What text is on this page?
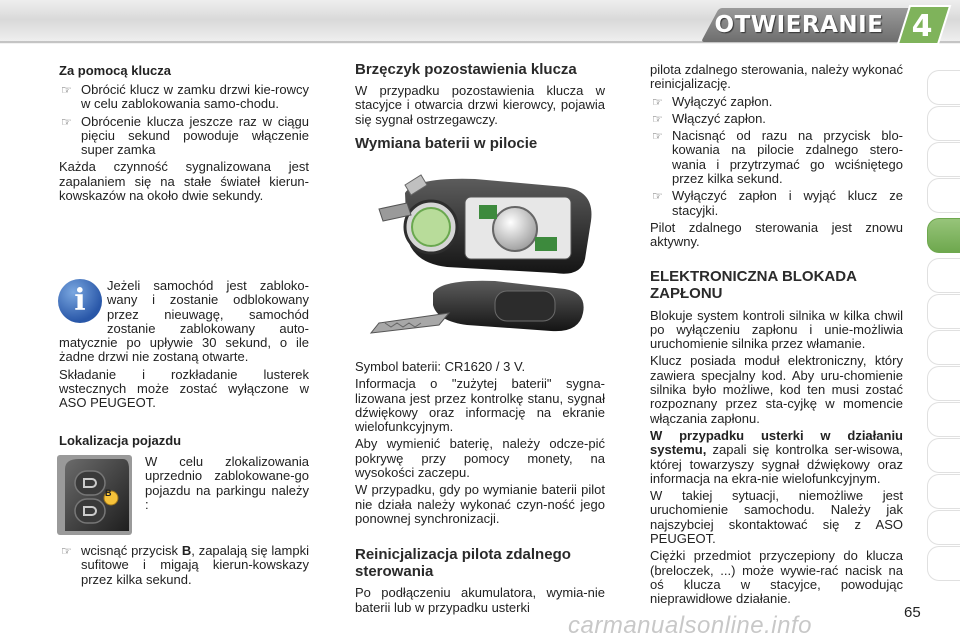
OTWIERANIE 4

Za pomocą klucza

☞ Obrócić klucz w zamku drzwi kie-rowcy w celu zablokowania samo-chodu.

☞ Obrócenie klucza jeszcze raz w ciągu pięciu sekund powoduje włączenie super zamka

Każda czynność sygnalizowana jest zapalaniem się na stałe świateł kierun-kowskazów na około dwie sekundy.

i	Jeżeli samochód jest zabloko-wany i zostanie odblokowany przez nieuwagę, samochód zostanie zablokowany auto-matycznie po upływie 30 sekund, o ile żadne drzwi nie zostaną otwarte.

Składanie i rozkładanie lusterek wstecznych może zostać wyłączone w ASO PEUGEOT.

Lokalizacja pojazdu

B

W celu zlokalizowania uprzednio zablokowane-go pojazdu na parkingu należy :

☞ wcisnąć przycisk B, zapalają się lampki sufitowe i migają kierun-kowskazy przez kilka sekund.

Brzęczyk pozostawienia klucza

W przypadku pozostawienia klucza w stacyjce i otwarcia drzwi kierowcy, pojawia się sygnał ostrzegawczy.

Wymiana baterii w pilocie

Symbol baterii: CR1620 / 3 V.

Informacja o "zużytej baterii" sygna-lizowana jest przez kontrolkę stanu, sygnał dźwiękowy oraz informację na ekranie wielofunkcyjnym.

Aby wymienić baterię, należy odcze-pić pokrywę przy pomocy monety, na wysokości zaczepu.

W przypadku, gdy po wymianie baterii pilot nie działa należy wykonać czyn-ność jego ponownej synchronizacji.

Reinicjalizacja pilota zdalnego sterowania

Po podłączeniu akumulatora, wymia-nie baterii lub w przypadku usterki

pilota zdalnego sterowania, należy wykonać reinicjalizację.

☞ Wyłączyć zapłon.

☞ Włączyć zapłon.

☞ Nacisnąć od razu na przycisk blo-kowania na pilocie zdalnego stero-wania i przytrzymać go wciśniętego przez kilka sekund.

☞ Wyłączyć zapłon i wyjąć klucz ze stacyjki.

Pilot zdalnego sterowania jest znowu aktywny.

ELEKTRONICZNA BLOKADA ZAPŁONU

Blokuje system kontroli silnika w kilka chwil po wyłączeniu zapłonu i unie-możliwia uruchomienie silnika przez włamanie.

Klucz posiada moduł elektroniczny, który zawiera specjalny kod. Aby uru-chomienie silnika było możliwe, kod ten musi zostać rozpoznany przez sta-cyjkę w momencie włączania zapłonu.

W przypadku usterki w działaniu systemu, zapali się kontrolka ser-wisowa, której towarzyszy sygnał dźwiękowy oraz informacja na ekra-nie wielofunkcyjnym.

W takiej sytuacji, niemożliwe jest uruchomienie samochodu. Należy jak najszybciej skontaktować się z ASO PEUGEOT.

Ciężki przedmiot przyczepiony do klucza (breloczek, ...) może wywie-rać nacisk na oś klucza w stacyjce, powodując nieprawidłowe działanie.

carmanualsonline.info	65
